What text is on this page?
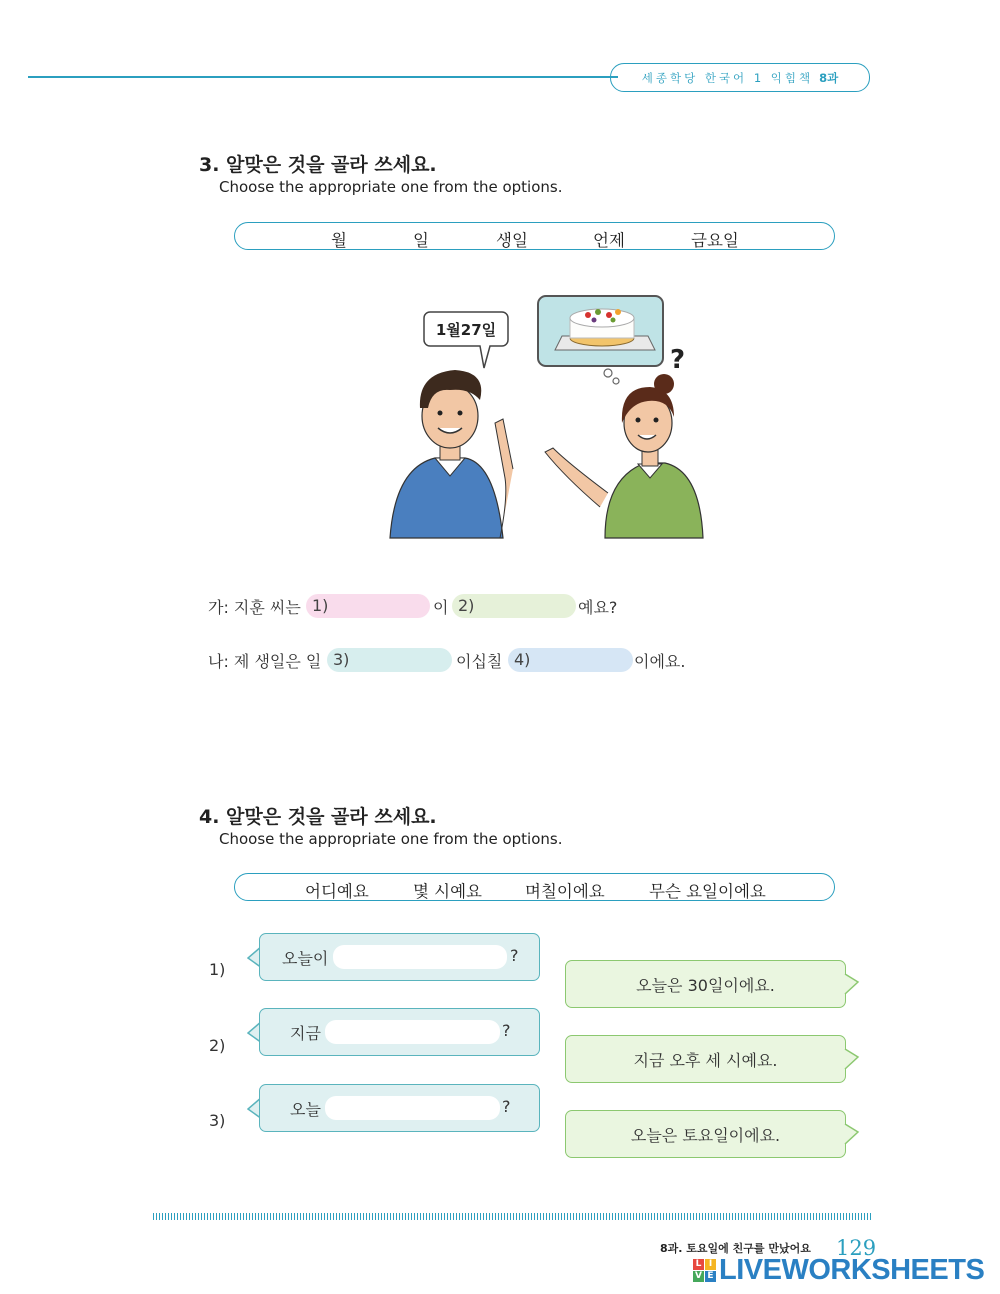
세종학당 한국어 1 익힘책 8과
3. 알맞은 것을 골라 쓰세요.
Choose the appropriate one from the options.
월	일	생일	언제	금요일
?
1월27일
가: 지훈 씨는 1)	이 2)	예요?
나: 제 생일은 일 3)	이십칠 4)	이에요.
4. 알맞은 것을 골라 쓰세요.
Choose the appropriate one from the options.
어디예요	몇 시예요	며칠이에요	무슨 요일이에요
1)
오늘이	?
오늘은 30일이에요.
2)
지금	?
지금 오후 세 시예요.
3)
오늘	?
오늘은 토요일이에요.
8과. 토요일에 친구를 만났어요 129
L I
V E LIVEWORKSHEETS
